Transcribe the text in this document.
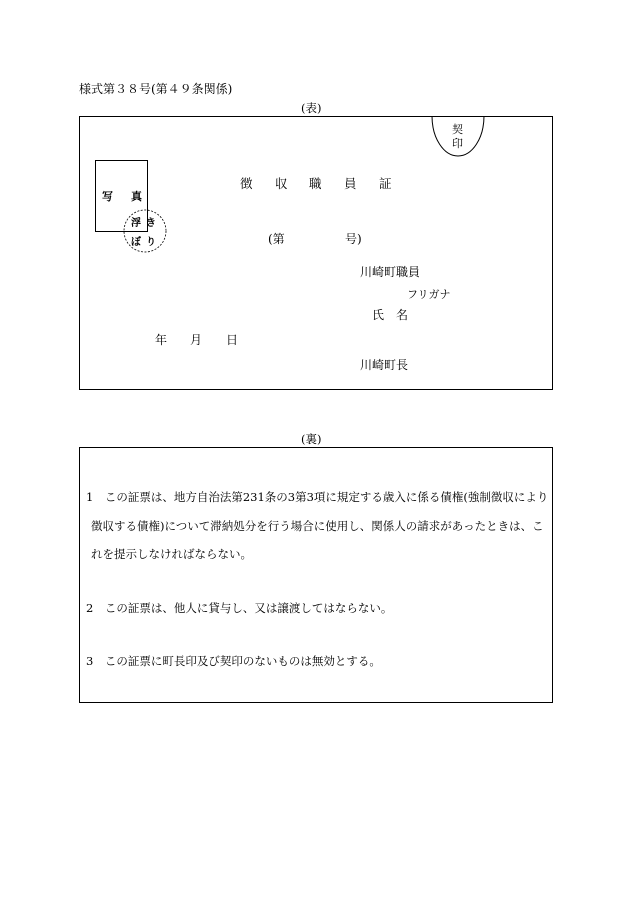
様式第３８号(第４９条関係)
(表)
契
印
写 真
浮 き
ぼ り
徴 収 職 員 証
(第	号)
川崎町職員
フリガナ
氏 名
年 月 日
川崎町長
(裏)
1　この証票は、地方自治法第231条の3第3項に規定する歳入に係る債権(強制徴収により
徴収する債権)について滞納処分を行う場合に使用し、関係人の請求があったときは、こ
れを提示しなければならない。
2　この証票は、他人に貸与し、又は譲渡してはならない。
3　この証票に町長印及び契印のないものは無効とする。
